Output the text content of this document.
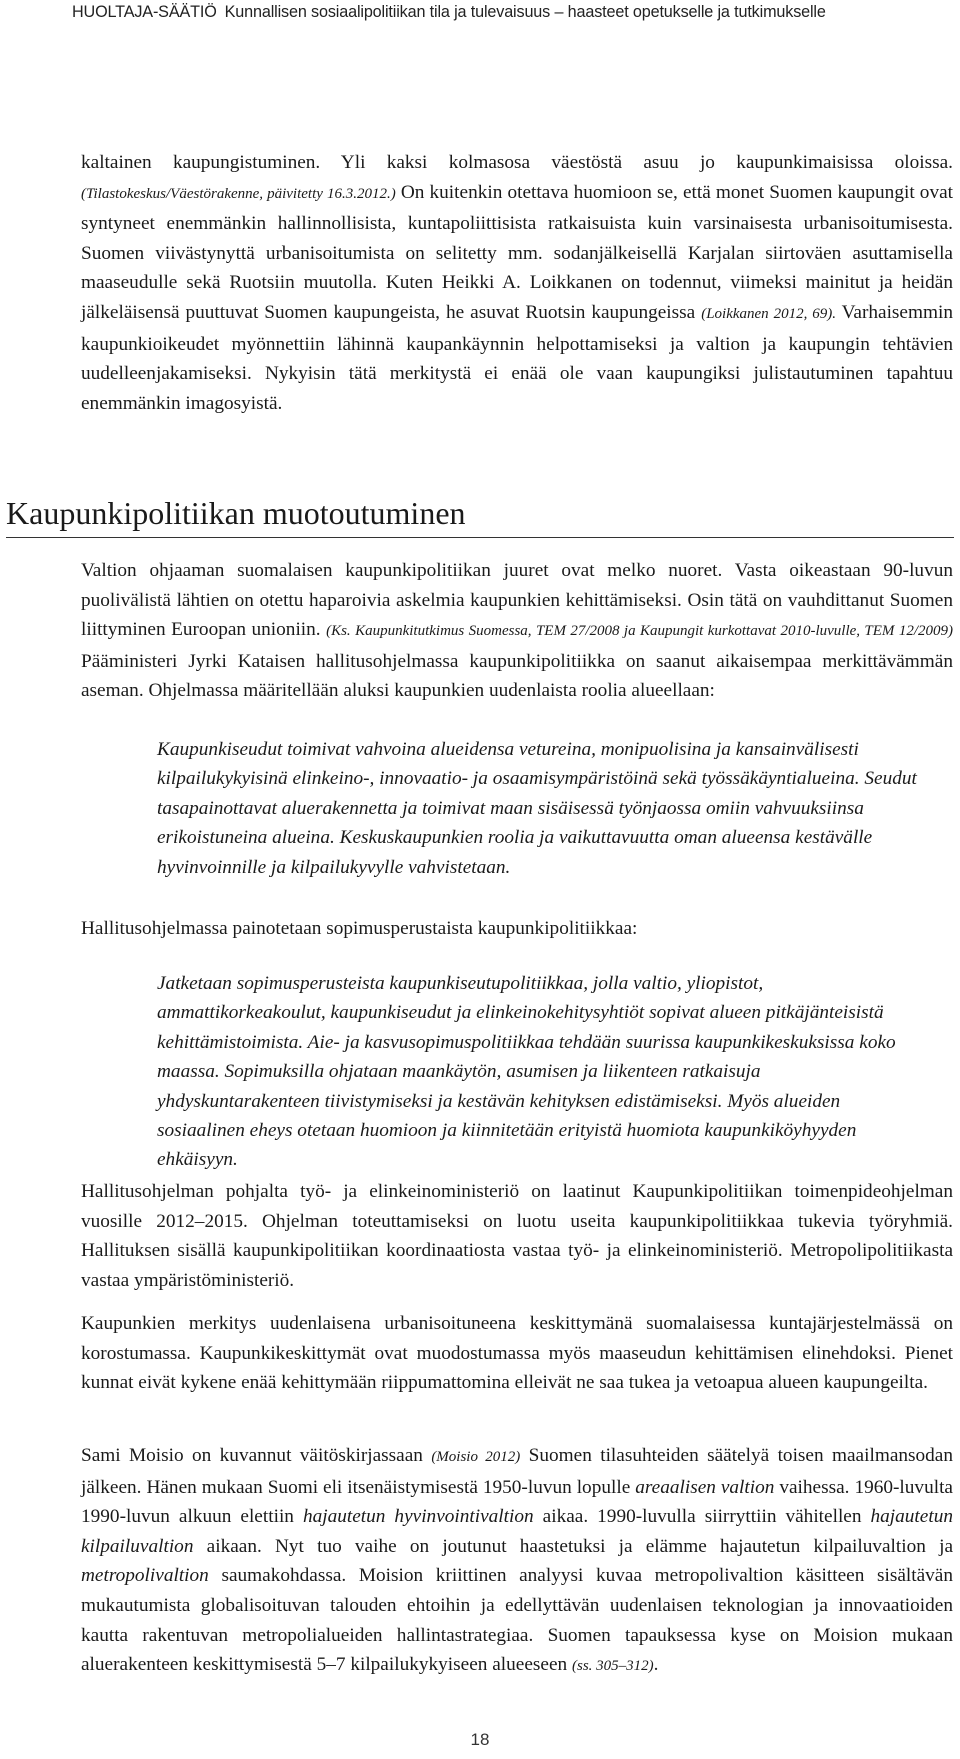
HUOLTAJA-SÄÄTIÖ Kunnallisen sosiaalipolitiikan tila ja tulevaisuus – haasteet opetukselle ja tutkimukselle

kaltainen kaupungistuminen. Yli kaksi kolmasosa väestöstä asuu jo kaupunkimaisissa oloissa. (Tilastokeskus/Väestörakenne, päivitetty 16.3.2012.) On kuitenkin otettava huomioon se, että monet Suomen kaupungit ovat syntyneet enemmänkin hallinnollisista, kuntapoliittisista ratkaisuista kuin varsinaisesta urbanisoitumisesta. Suomen viivästynyttä urbanisoitumista on selitetty mm. sodanjälkeisellä Karjalan siirtoväen asuttamisella maaseudulle sekä Ruotsiin muutolla. Kuten Heikki A. Loikkanen on todennut, viimeksi mainitut ja heidän jälkeläisensä puuttuvat Suomen kaupungeista, he asuvat Ruotsin kaupungeissa (Loikkanen 2012, 69). Varhaisemmin kaupunkioikeudet myönnettiin lähinnä kaupankäynnin helpottamiseksi ja valtion ja kaupungin tehtävien uudelleenjakamiseksi. Nykyisin tätä merkitystä ei enää ole vaan kaupungiksi julistautuminen tapahtuu enemmänkin imagosyistä.

Kaupunkipolitiikan muotoutuminen

Valtion ohjaaman suomalaisen kaupunkipolitiikan juuret ovat melko nuoret. Vasta oikeastaan 90-luvun puolivälistä lähtien on otettu haparoivia askelmia kaupunkien kehittämiseksi. Osin tätä on vauhdittanut Suomen liittyminen Euroopan unioniin. (Ks. Kaupunkitutkimus Suomessa, TEM 27/2008 ja Kaupungit kurkottavat 2010-luvulle, TEM 12/2009) Pääministeri Jyrki Kataisen hallitusohjelmassa kaupunkipolitiikka on saanut aikaisempaa merkittävämmän aseman. Ohjelmassa määritellään aluksi kaupunkien uudenlaista roolia alueellaan:

Kaupunkiseudut toimivat vahvoina alueidensa vetureina, monipuolisina ja kansainvälisesti kilpailukykyisinä elinkeino-, innovaatio- ja osaamisympäristöinä sekä työssäkäyntialueina. Seudut tasapainottavat aluerakennetta ja toimivat maan sisäisessä työnjaossa omiin vahvuuksiinsa erikoistuneina alueina. Keskuskaupunkien roolia ja vaikuttavuutta oman alueensa kestävälle hyvinvoinnille ja kilpailukyvylle vahvistetaan.

Hallitusohjelmassa painotetaan sopimusperustaista kaupunkipolitiikkaa:

Jatketaan sopimusperusteista kaupunkiseutupolitiikkaa, jolla valtio, yliopistot, ammattikorkeakoulut, kaupunkiseudut ja elinkeinokehitysyhtiöt sopivat alueen pitkäjänteisistä kehittämistoimista. Aie- ja kasvusopimuspolitiikkaa tehdään suurissa kaupunkikeskuksissa koko maassa. Sopimuksilla ohjataan maankäytön, asumisen ja liikenteen ratkaisuja yhdyskuntarakenteen tiivistymiseksi ja kestävän kehityksen edistämiseksi. Myös alueiden sosiaalinen eheys otetaan huomioon ja kiinnitetään erityistä huomiota kaupunkiköyhyyden ehkäisyyn.

Hallitusohjelman pohjalta työ- ja elinkeinoministeriö on laatinut Kaupunkipolitiikan toimenpideohjelman vuosille 2012–2015. Ohjelman toteuttamiseksi on luotu useita kaupunkipolitiikkaa tukevia työryhmiä. Hallituksen sisällä kaupunkipolitiikan koordinaatiosta vastaa työ- ja elinkeinoministeriö. Metropolipolitiikasta vastaa ympäristöministeriö.

Kaupunkien merkitys uudenlaisena urbanisoituneena keskittymänä suomalaisessa kuntajärjestelmässä on korostumassa. Kaupunkikeskittymät ovat muodostumassa myös maaseudun kehittämisen elinehdoksi. Pienet kunnat eivät kykene enää kehittymään riippumattomina elleivät ne saa tukea ja vetoapua alueen kaupungeilta.

Sami Moisio on kuvannut väitöskirjassaan (Moisio 2012) Suomen tilasuhteiden säätelyä toisen maailmansodan jälkeen. Hänen mukaan Suomi eli itsenäistymisestä 1950-luvun lopulle areaalisen valtion vaihessa. 1960-luvulta 1990-luvun alkuun elettiin hajautetun hyvinvointivaltion aikaa. 1990-luvulla siirryttiin vähitellen hajautetun kilpailuvaltion aikaan. Nyt tuo vaihe on joutunut haastetuksi ja elämme hajautetun kilpailuvaltion ja metropolivaltion saumakohdassa. Moision kriittinen analyysi kuvaa metropolivaltion käsitteen sisältävän mukautumista globalisoituvan talouden ehtoihin ja edellyttävän uudenlaisen teknologian ja innovaatioiden kautta rakentuvan metropolialueiden hallintastrategiaa. Suomen tapauksessa kyse on Moision mukaan aluerakenteen keskittymisestä 5–7 kilpailukykyiseen alueeseen (ss. 305–312).

18
